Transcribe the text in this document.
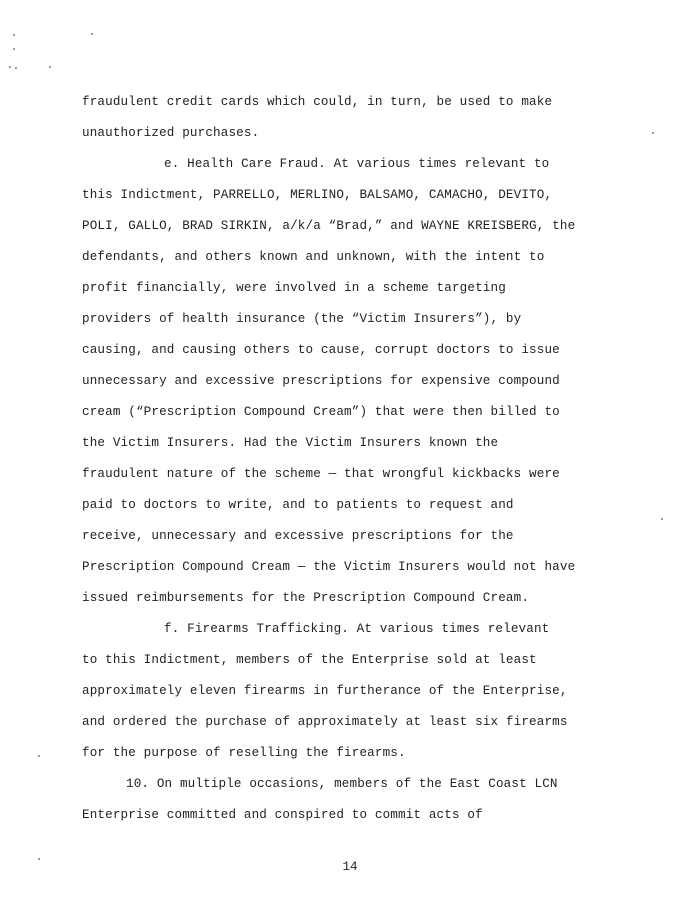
fraudulent credit cards which could, in turn, be used to make
unauthorized purchases.
e. Health Care Fraud. At various times relevant to
this Indictment, PARRELLO, MERLINO, BALSAMO, CAMACHO, DEVITO,
POLI, GALLO, BRAD SIRKIN, a/k/a “Brad,” and WAYNE KREISBERG, the
defendants, and others known and unknown, with the intent to
profit financially, were involved in a scheme targeting
providers of health insurance (the “Victim Insurers”), by
causing, and causing others to cause, corrupt doctors to issue
unnecessary and excessive prescriptions for expensive compound
cream (“Prescription Compound Cream”) that were then billed to
the Victim Insurers. Had the Victim Insurers known the
fraudulent nature of the scheme — that wrongful kickbacks were
paid to doctors to write, and to patients to request and
receive, unnecessary and excessive prescriptions for the
Prescription Compound Cream — the Victim Insurers would not have
issued reimbursements for the Prescription Compound Cream.
f. Firearms Trafficking. At various times relevant
to this Indictment, members of the Enterprise sold at least
approximately eleven firearms in furtherance of the Enterprise,
and ordered the purchase of approximately at least six firearms
for the purpose of reselling the firearms.
10. On multiple occasions, members of the East Coast LCN
Enterprise committed and conspired to commit acts of
14
